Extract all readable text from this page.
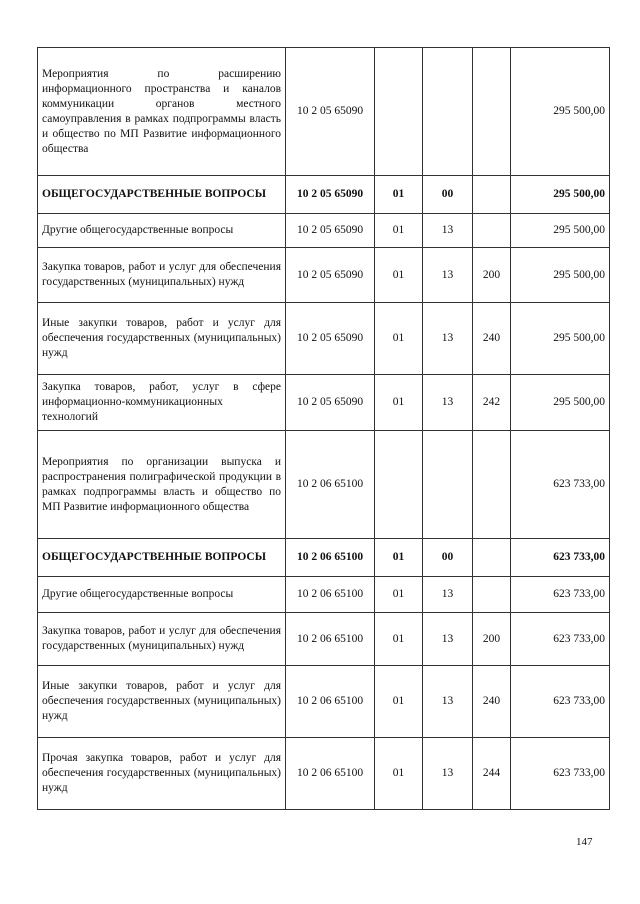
Мероприятия по расширению информационного пространства и каналов коммуникации органов местного самоуправления в рамках подпрограммы власть и общество по МП Развитие информационного общества	10 2 05 65090				295 500,00
ОБЩЕГОСУДАРСТВЕННЫЕ ВОПРОСЫ	10 2 05 65090	01	00		295 500,00
Другие общегосударственные вопросы	10 2 05 65090	01	13		295 500,00
Закупка товаров, работ и услуг для обеспечения государственных (муниципальных) нужд	10 2 05 65090	01	13	200	295 500,00
Иные закупки товаров, работ и услуг для обеспечения государственных (муниципальных) нужд	10 2 05 65090	01	13	240	295 500,00
Закупка товаров, работ, услуг в сфере информационно-коммуникационных технологий	10 2 05 65090	01	13	242	295 500,00
Мероприятия по организации выпуска и распространения полиграфической продукции в рамках подпрограммы власть и общество по МП Развитие информационного общества	10 2 06 65100				623 733,00
ОБЩЕГОСУДАРСТВЕННЫЕ ВОПРОСЫ	10 2 06 65100	01	00		623 733,00
Другие общегосударственные вопросы	10 2 06 65100	01	13		623 733,00
Закупка товаров, работ и услуг для обеспечения государственных (муниципальных) нужд	10 2 06 65100	01	13	200	623 733,00
Иные закупки товаров, работ и услуг для обеспечения государственных (муниципальных) нужд	10 2 06 65100	01	13	240	623 733,00
Прочая закупка товаров, работ и услуг для обеспечения государственных (муниципальных) нужд	10 2 06 65100	01	13	244	623 733,00
147
